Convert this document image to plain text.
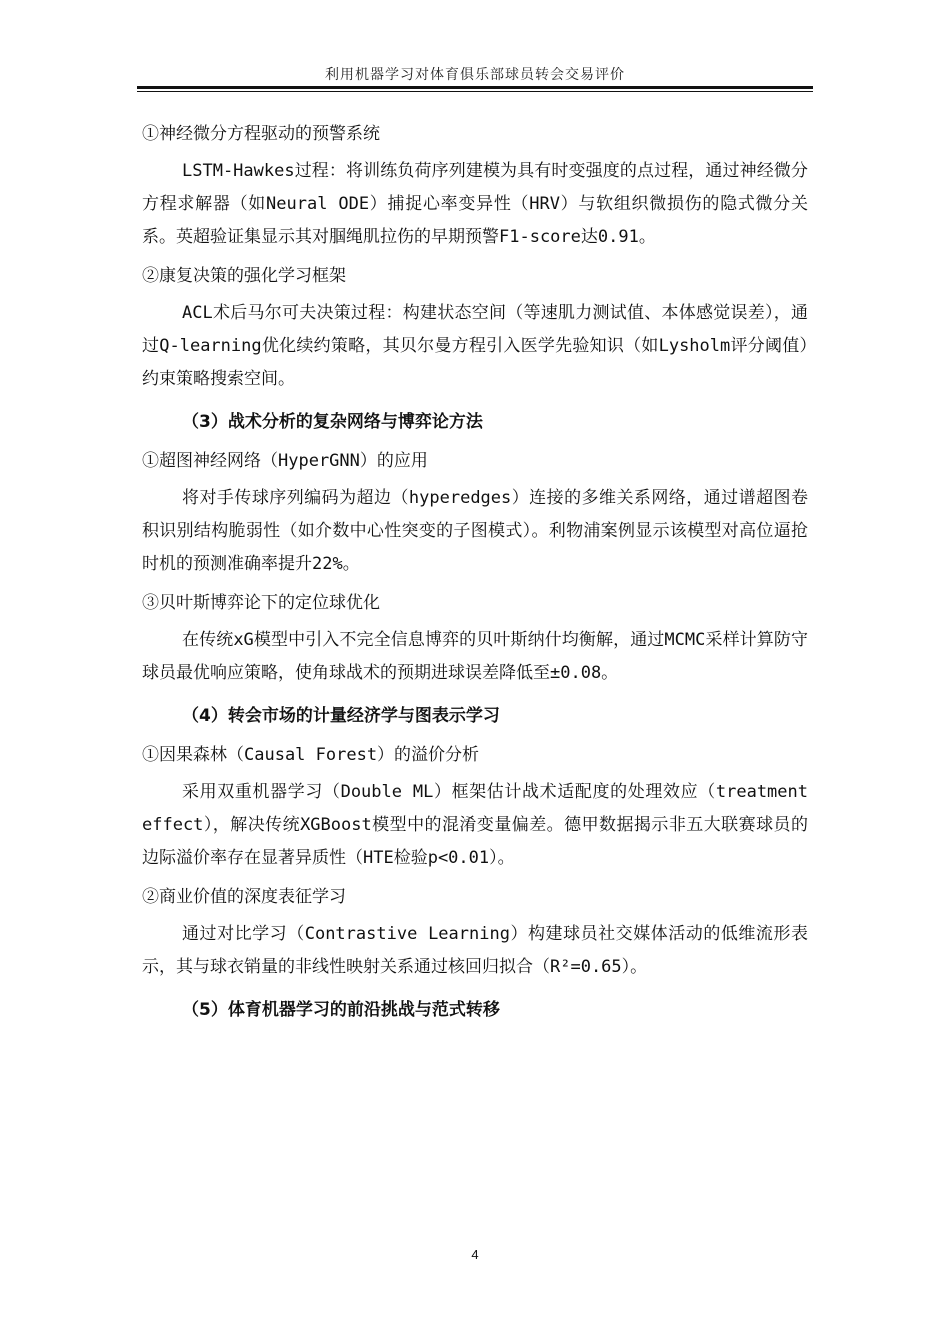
利用机器学习对体育俱乐部球员转会交易评价

①神经微分方程驱动的预警系统

LSTM-Hawkes过程：将训练负荷序列建模为具有时变强度的点过程，通过神经微分方程求解器（如Neural ODE）捕捉心率变异性（HRV）与软组织微损伤的隐式微分关系。英超验证集显示其对腘绳肌拉伤的早期预警F1-score达0.91。

②康复决策的强化学习框架

ACL术后马尔可夫决策过程：构建状态空间（等速肌力测试值、本体感觉误差），通过Q-learning优化续约策略，其贝尔曼方程引入医学先验知识（如Lysholm评分阈值）约束策略搜索空间。

（3）战术分析的复杂网络与博弈论方法

①超图神经网络（HyperGNN）的应用

将对手传球序列编码为超边（hyperedges）连接的多维关系网络，通过谱超图卷积识别结构脆弱性（如介数中心性突变的子图模式）。利物浦案例显示该模型对高位逼抢时机的预测准确率提升22%。

③贝叶斯博弈论下的定位球优化

在传统xG模型中引入不完全信息博弈的贝叶斯纳什均衡解，通过MCMC采样计算防守球员最优响应策略，使角球战术的预期进球误差降低至±0.08。

（4）转会市场的计量经济学与图表示学习

①因果森林（Causal Forest）的溢价分析

采用双重机器学习（Double ML）框架估计战术适配度的处理效应（treatment effect），解决传统XGBoost模型中的混淆变量偏差。德甲数据揭示非五大联赛球员的边际溢价率存在显著异质性（HTE检验p<0.01）。

②商业价值的深度表征学习

通过对比学习（Contrastive Learning）构建球员社交媒体活动的低维流形表示，其与球衣销量的非线性映射关系通过核回归拟合（R²=0.65）。

（5）体育机器学习的前沿挑战与范式转移

4
